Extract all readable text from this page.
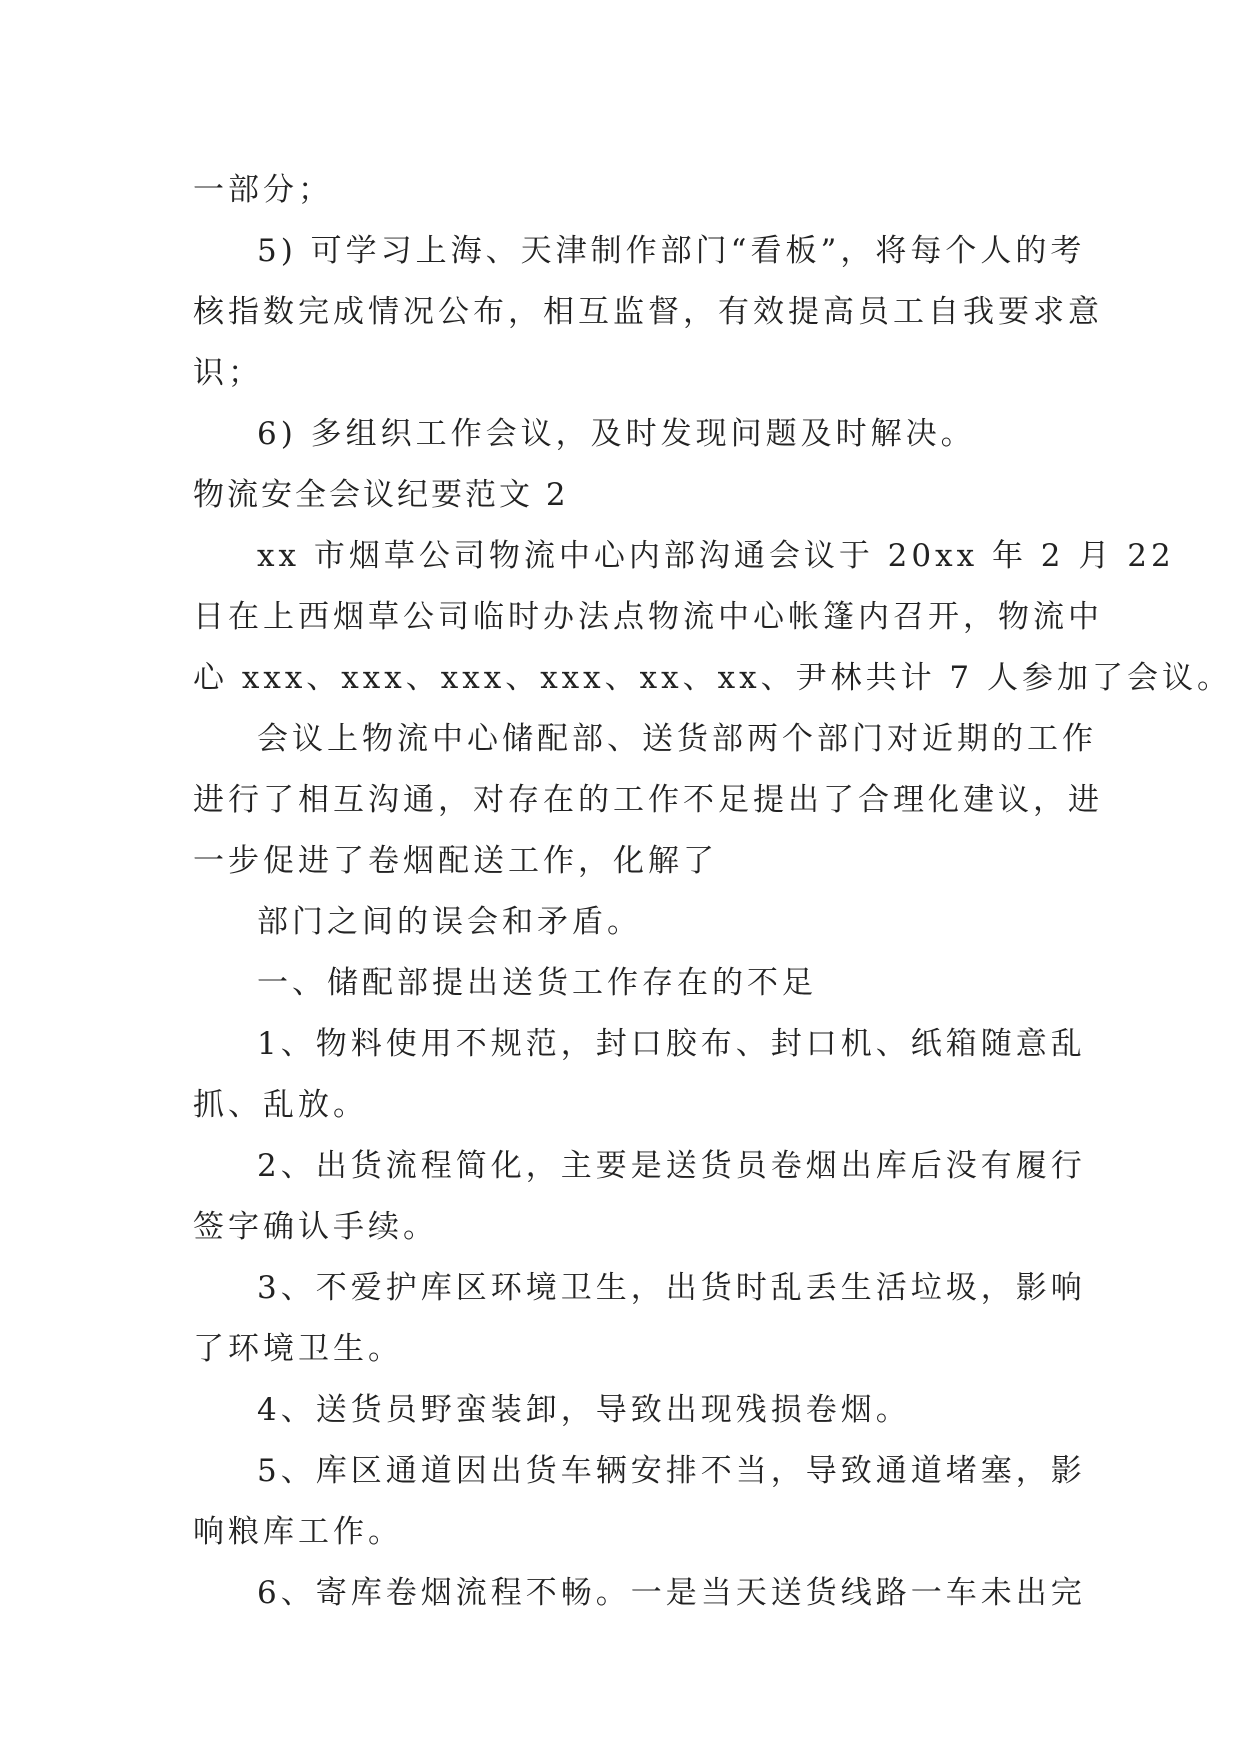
一部分；
5) 可学习上海、天津制作部门“看板”，将每个人的考
核指数完成情况公布，相互监督，有效提高员工自我要求意
识；
6) 多组织工作会议，及时发现问题及时解决。
物流安全会议纪要范文 2
xx 市烟草公司物流中心内部沟通会议于 20xx 年 2 月 22
日在上西烟草公司临时办法点物流中心帐篷内召开，物流中
心 xxx、xxx、xxx、xxx、xx、xx、尹林共计 7 人参加了会议。
会议上物流中心储配部、送货部两个部门对近期的工作
进行了相互沟通，对存在的工作不足提出了合理化建议，进
一步促进了卷烟配送工作，化解了
部门之间的误会和矛盾。
一、储配部提出送货工作存在的不足
1、物料使用不规范，封口胶布、封口机、纸箱随意乱
抓、乱放。
2、出货流程简化，主要是送货员卷烟出库后没有履行
签字确认手续。
3、不爱护库区环境卫生，出货时乱丢生活垃圾，影响
了环境卫生。
4、送货员野蛮装卸，导致出现残损卷烟。
5、库区通道因出货车辆安排不当，导致通道堵塞，影
响粮库工作。
6、寄库卷烟流程不畅。一是当天送货线路一车未出完
